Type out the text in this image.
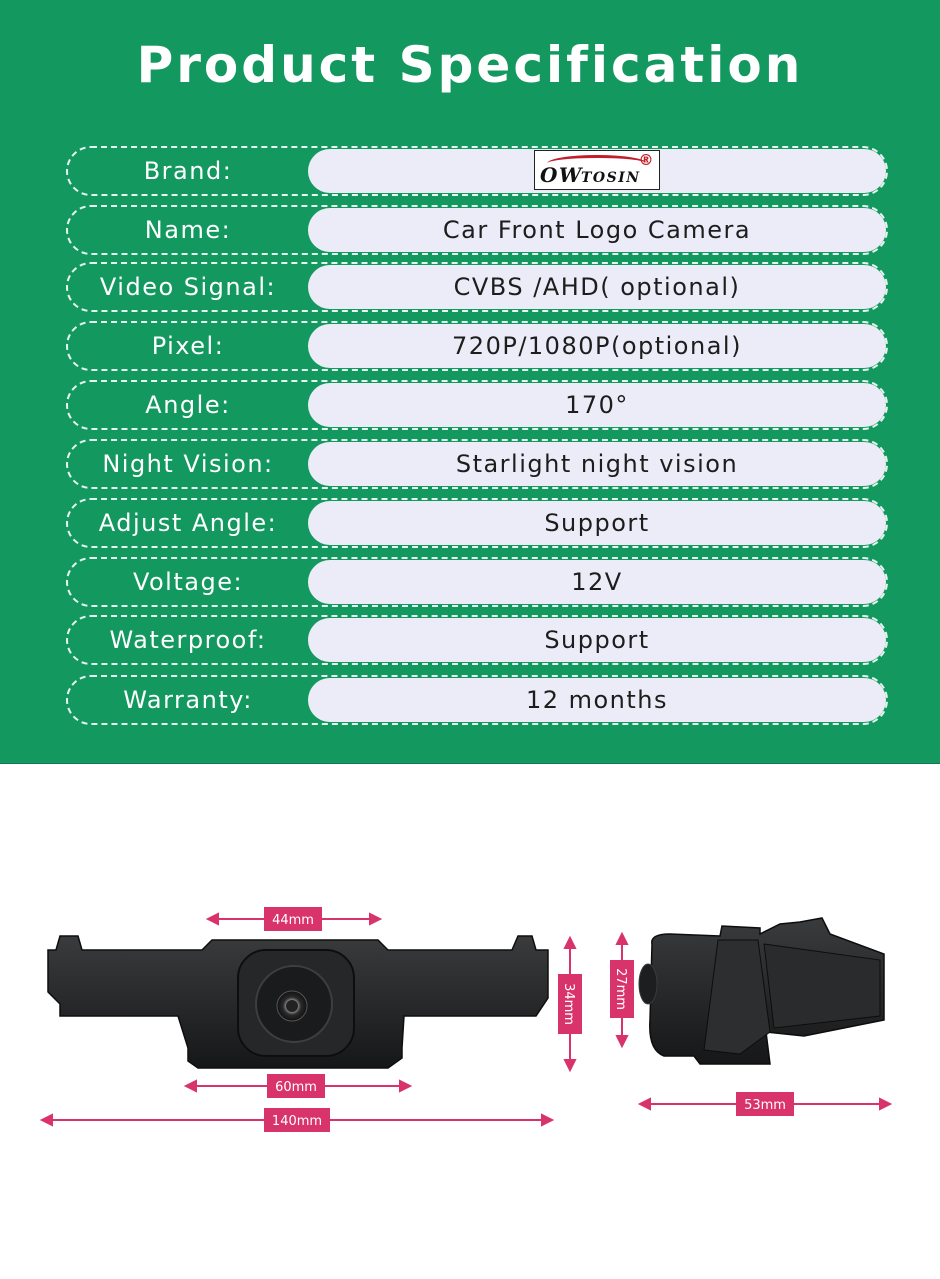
Product Specification
Brand:	OW
TOSIN
®
Name:	Car Front Logo Camera
Video Signal:	CVBS /AHD( optional)
Pixel:	720P/1080P(optional)
Angle:	170°
Night Vision:	Starlight night vision
Adjust Angle:	Support
Voltage:	12V
Waterproof:	Support
Warranty:	12 months
44mm
60mm
140mm
34mm	27mm
53mm
